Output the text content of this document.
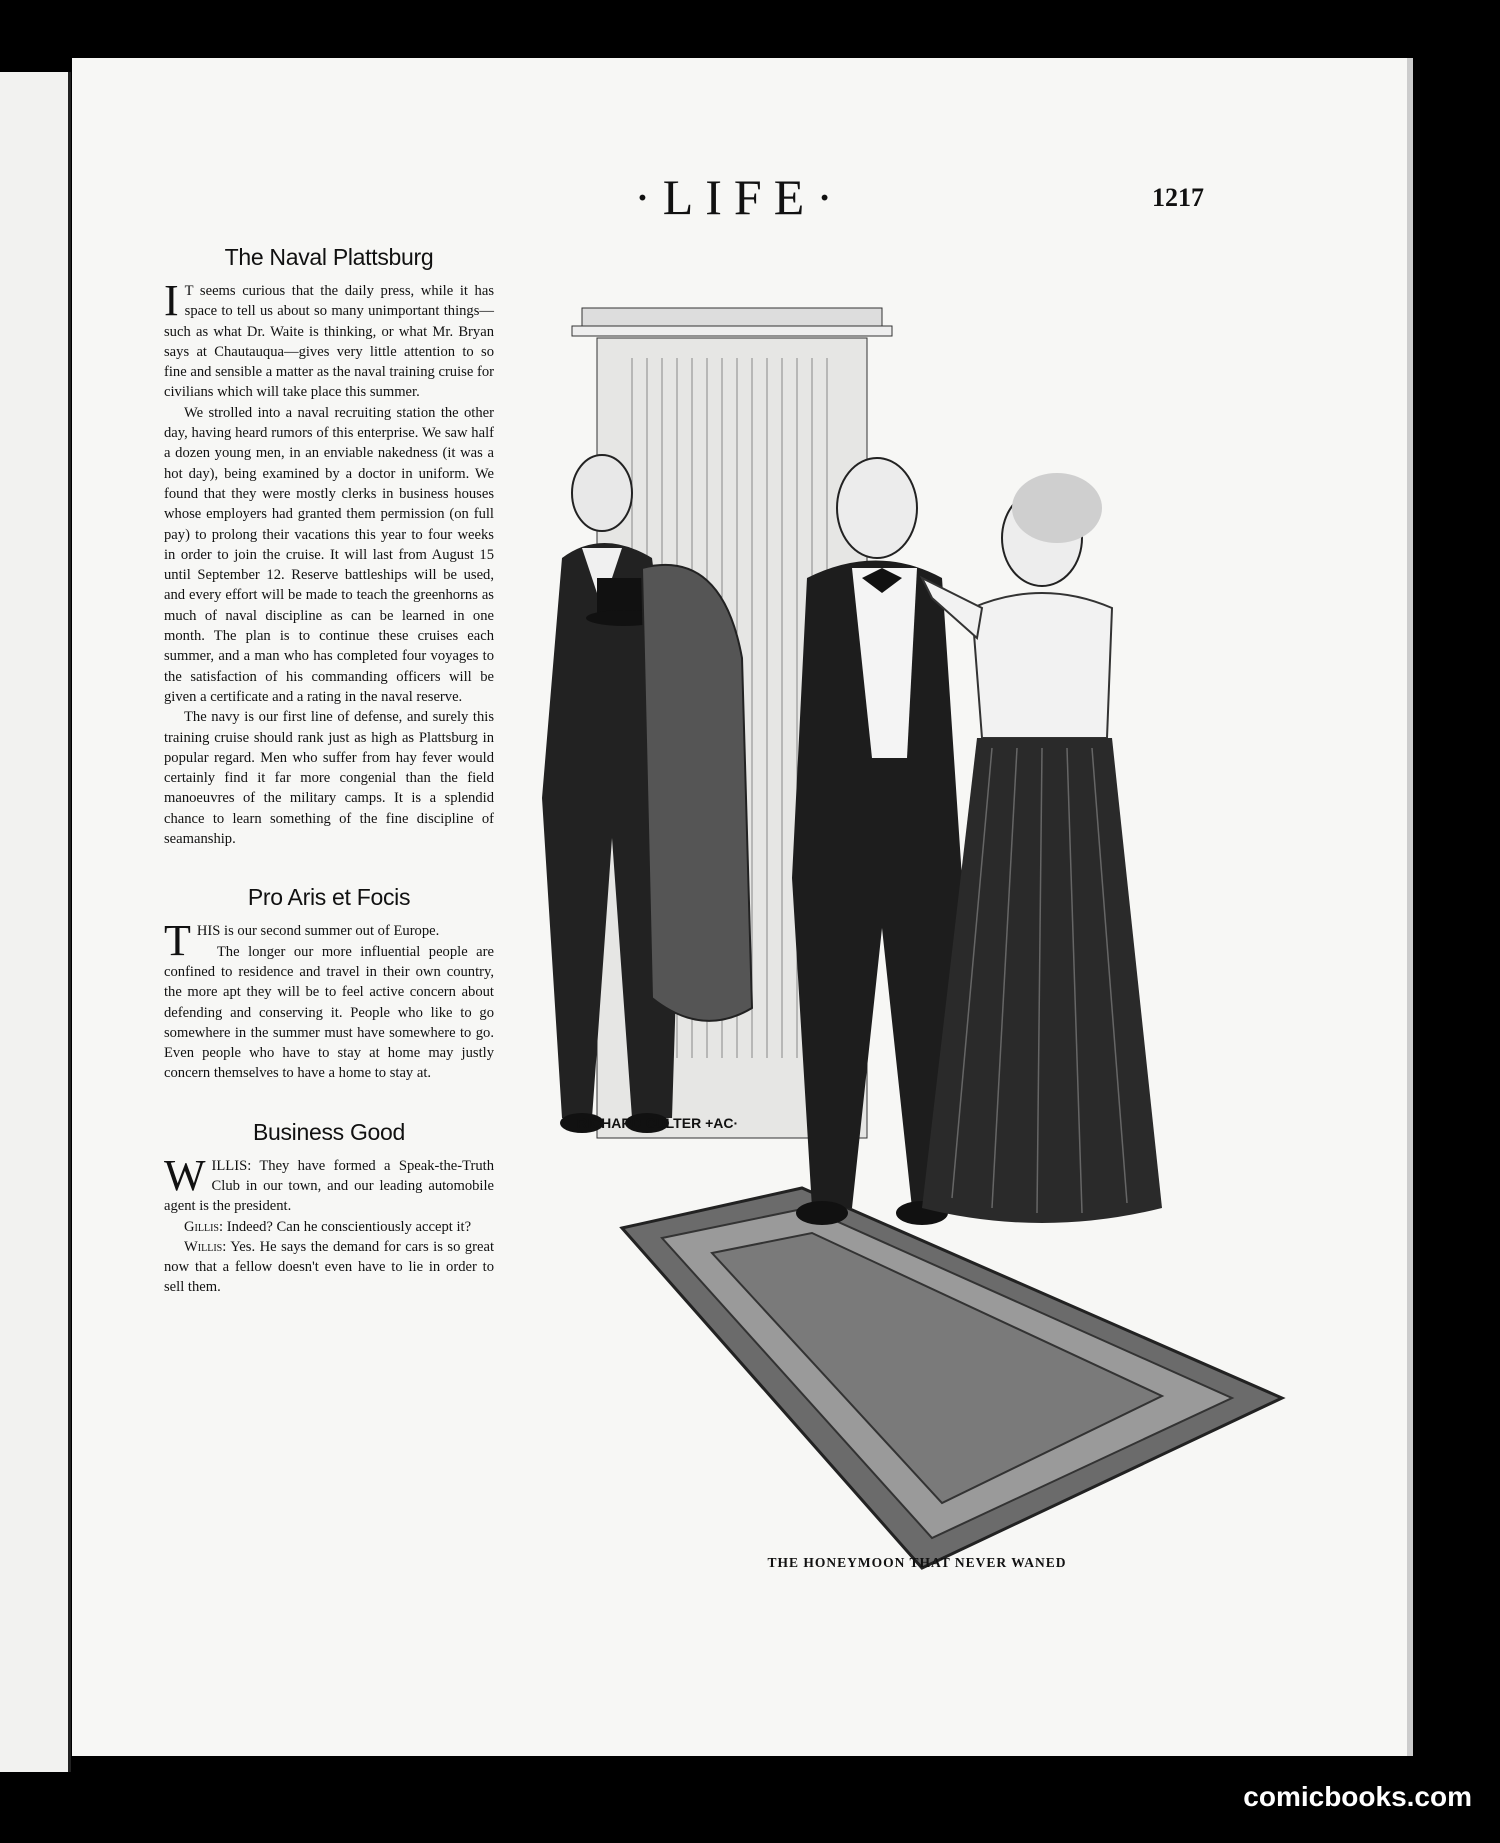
·LIFE·	1217
The Naval Plattsburg

I T seems curious that the daily press, while it has space to tell us about so many unimportant things—such as what Dr. Waite is thinking, or what Mr. Bryan says at Chautauqua—gives very little attention to so fine and sensible a matter as the naval training cruise for civilians which will take place this summer.

We strolled into a naval recruiting station the other day, having heard rumors of this enterprise. We saw half a dozen young men, in an enviable nakedness (it was a hot day), being examined by a doctor in uniform. We found that they were mostly clerks in business houses whose employers had granted them permission (on full pay) to prolong their vacations this year to four weeks in order to join the cruise. It will last from August 15 until September 12. Reserve battleships will be used, and every effort will be made to teach the greenhorns as much of naval discipline as can be learned in one month. The plan is to continue these cruises each summer, and a man who has completed four voyages to the satisfaction of his commanding officers will be given a certificate and a rating in the naval reserve.

The navy is our first line of defense, and surely this training cruise should rank just as high as Plattsburg in popular regard. Men who suffer from hay fever would certainly find it far more congenial than the field manoeuvres of the military camps. It is a splendid chance to learn something of the fine discipline of seamanship.

Pro Aris et Focis

THIS is our second summer out of Europe.

The longer our more influential people are confined to residence and travel in their own country, the more apt they will be to feel active concern about defending and conserving it. People who like to go somewhere in the summer must have somewhere to go. Even people who have to stay at home may justly concern themselves to have a home to stay at.

Business Good

WILLIS: They have formed a Speak-the-Truth Club in our town, and our leading automobile agent is the president.

Gillis: Indeed? Can he conscientiously accept it?

Willis: Yes. He says the demand for cars is so great now that a fellow doesn't even have to lie in order to sell them.

RICHARD CULTER +AC·
THE HONEYMOON THAT NEVER WANED
comicbooks.com
